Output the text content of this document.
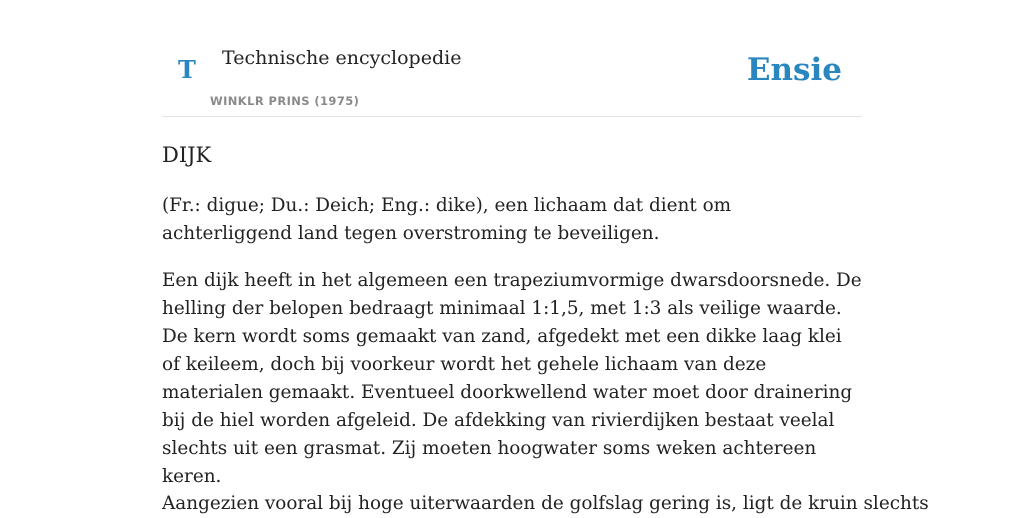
T Technische encyclopedie
WINKLR PRINS (1975)
Ensie
DIJK

(Fr.: digue; Du.: Deich; Eng.: dike), een lichaam dat dient om achterliggend land tegen overstroming te beveiligen.

Een dijk heeft in het algemeen een trapeziumvormige dwarsdoorsnede. De helling der belopen bedraagt minimaal 1:1,5, met 1:3 als veilige waarde. De kern wordt soms gemaakt van zand, afgedekt met een dikke laag klei of keileem, doch bij voorkeur wordt het gehele lichaam van deze materialen gemaakt. Eventueel doorkwellend water moet door drainering bij de hiel worden afgeleid. De afdekking van rivierdijken bestaat veelal slechts uit een grasmat. Zij moeten hoogwater soms weken achtereen keren.

Aangezien vooral bij hoge uiterwaarden de golfslag gering is, ligt de kruin slechts
